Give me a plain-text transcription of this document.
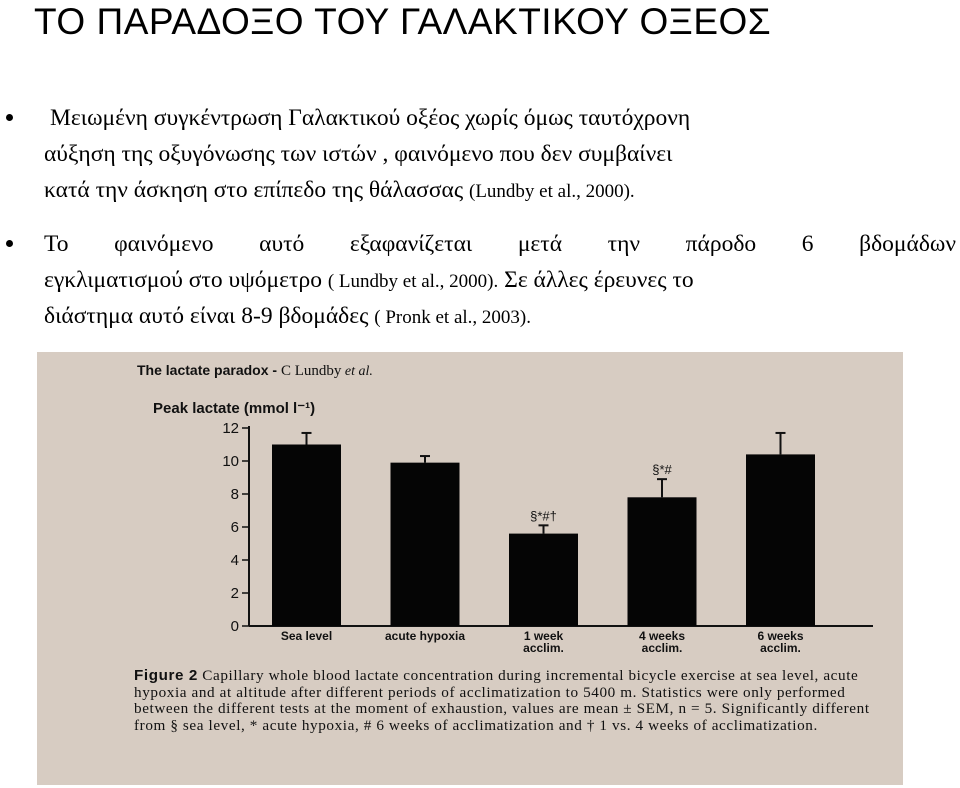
ΤΟ ΠΑΡΑΔΟΞΟ ΤΟΥ ΓΑΛΑΚΤΙΚΟΥ ΟΞΕΟΣ
Μειωμένη συγκέντρωση Γαλακτικού οξέος χωρίς όμως ταυτόχρονη
αύξηση της οξυγόνωσης των ιστών , φαινόμενο που δεν συμβαίνει
κατά την άσκηση στο επίπεδο της θάλασσας (Lundby et al., 2000).
Το φαινόμενο αυτό εξαφανίζεται μετά την πάροδο 6 βδομάδων
εγκλιματισμού στο υψόμετρο ( Lundby et al., 2000). Σε άλλες έρευνες το
διάστημα αυτό είναι 8-9 βδομάδες ( Pronk et al., 2003).
The lactate paradox - C Lundby et al.
Peak lactate (mmol l⁻¹)
0
2
4
6
8
10
12
Sea level	acute hypoxia
§*#†
1 week
acclim.
§*#
4 weeks
acclim.
6 weeks
acclim.
Figure 2 Capillary whole blood lactate concentration during incremental bicycle exercise at sea level, acute hypoxia and at altitude after different periods of acclimatization to 5400 m. Statistics were only performed between the different tests at the moment of exhaustion, values are mean ± SEM, n = 5. Significantly different from § sea level, * acute hypoxia, # 6 weeks of acclimatization and † 1 vs. 4 weeks of acclimatization.
